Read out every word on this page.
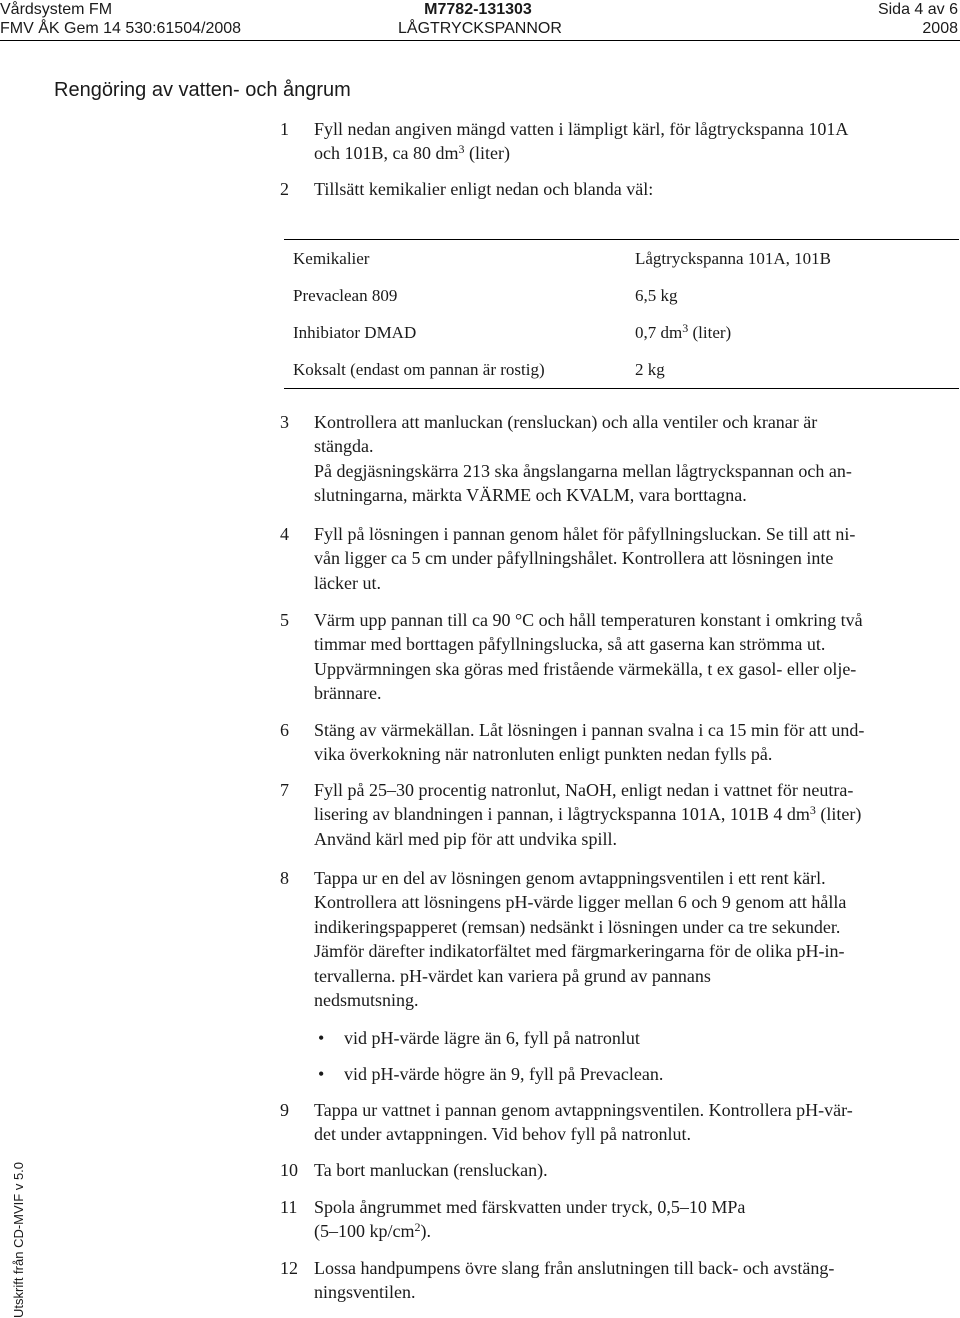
Vårdsystem FM
FMV ÅK Gem 14 530:61504/2008
M7782-131303
LÅGTRYCKSPANNOR
Sida 4 av 6
2008
Rengöring av vatten- och ångrum
1 Fyll nedan angiven mängd vatten i lämpligt kärl, för lågtryckspanna 101A
och 101B, ca 80 $dm^3$ (liter)
2 Tillsätt kemikalier enligt nedan och blanda väl:
Kemikalier	Lågtryckspanna 101A, 101B
Prevaclean 809	6,5 kg
Inhibiator DMAD	0,7 $dm^3$ (liter)
Koksalt (endast om pannan är rostig)	2 kg
3 Kontrollera att manluckan (rensluckan) och alla ventiler och kranar är
stängda.
På degjäsningskärra 213 ska ångslangarna mellan lågtryckspannan och an-
slutningarna, märkta VÄRME och KVALM, vara borttagna.
4 Fyll på lösningen i pannan genom hålet för påfyllningsluckan. Se till att ni-
vån ligger ca 5 cm under påfyllningshålet. Kontrollera att lösningen inte
läcker ut.
5 Värm upp pannan till ca 90 °C och håll temperaturen konstant i omkring två
timmar med borttagen påfyllningslucka, så att gaserna kan strömma ut.
Uppvärmningen ska göras med fristående värmekälla, t ex gasol- eller olje-
brännare.
6 Stäng av värmekällan. Låt lösningen i pannan svalna i ca 15 min för att und-
vika överkokning när natronluten enligt punkten nedan fylls på.
7 Fyll på 25–30 procentig natronlut, NaOH, enligt nedan i vattnet för neutra-
lisering av blandningen i pannan, i lågtryckspanna 101A, 101B 4 $dm^3$ (liter)
Använd kärl med pip för att undvika spill.
8 Tappa ur en del av lösningen genom avtappningsventilen i ett rent kärl.
Kontrollera att lösningens pH-värde ligger mellan 6 och 9 genom att hålla
indikeringspapperet (remsan) nedsänkt i lösningen under ca tre sekunder.
Jämför därefter indikatorfältet med färgmarkeringarna för de olika pH-in-
tervallerna. pH-värdet kan variera på grund av pannans
nedsmutsning.
• vid pH-värde lägre än 6, fyll på natronlut
• vid pH-värde högre än 9, fyll på Prevaclean.
9 Tappa ur vattnet i pannan genom avtappningsventilen. Kontrollera pH-vär-
det under avtappningen. Vid behov fyll på natronlut.
10 Ta bort manluckan (rensluckan).
11 Spola ångrummet med färskvatten under tryck, 0,5–10 MPa
(5–100 $kp/cm^2$).
12 Lossa handpumpens övre slang från anslutningen till back- och avstäng-
ningsventilen.
Utskrift från CD-MVIF v 5.0
